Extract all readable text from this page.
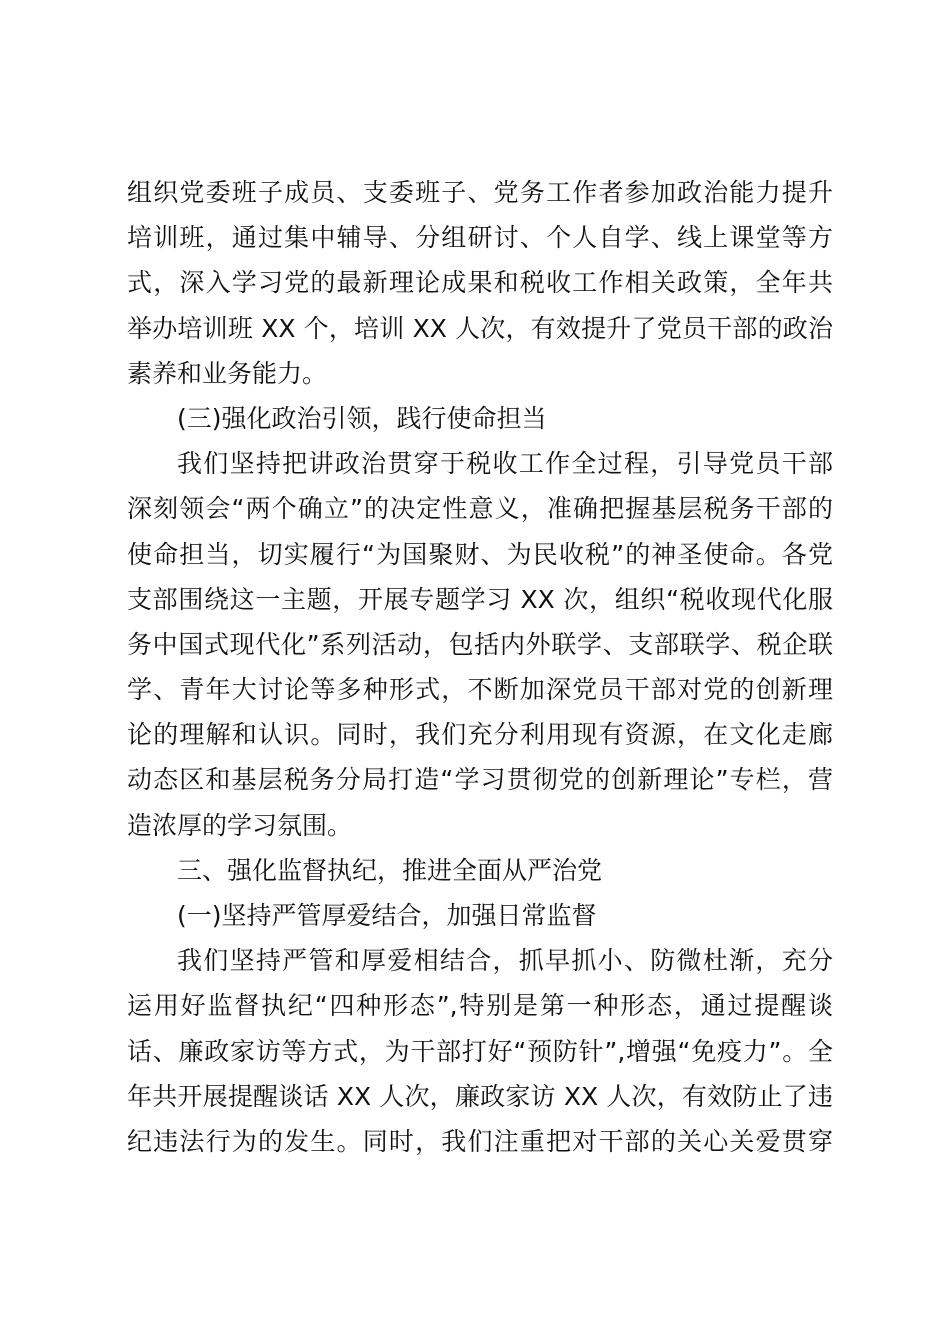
组织党委班子成员、支委班子、党务工作者参加政治能力提升
培训班，通过集中辅导、分组研讨、个人自学、线上课堂等方
式，深入学习党的最新理论成果和税收工作相关政策，全年共
举办培训班 XX 个，培训 XX 人次，有效提升了党员干部的政治
素养和业务能力。
(三)强化政治引领，践行使命担当
我们坚持把讲政治贯穿于税收工作全过程，引导党员干部
深刻领会“两个确立”的决定性意义，准确把握基层税务干部的
使命担当，切实履行“为国聚财、为民收税”的神圣使命。各党
支部围绕这一主题，开展专题学习 XX 次，组织“税收现代化服
务中国式现代化”系列活动，包括内外联学、支部联学、税企联
学、青年大讨论等多种形式，不断加深党员干部对党的创新理
论的理解和认识。同时，我们充分利用现有资源，在文化走廊
动态区和基层税务分局打造“学习贯彻党的创新理论”专栏，营
造浓厚的学习氛围。
三、强化监督执纪，推进全面从严治党
(一)坚持严管厚爱结合，加强日常监督
我们坚持严管和厚爱相结合，抓早抓小、防微杜渐，充分
运用好监督执纪“四种形态”,特别是第一种形态，通过提醒谈
话、廉政家访等方式，为干部打好“预防针”,增强“免疫力”。全
年共开展提醒谈话 XX 人次，廉政家访 XX 人次，有效防止了违
纪违法行为的发生。同时，我们注重把对干部的关心关爱贯穿
